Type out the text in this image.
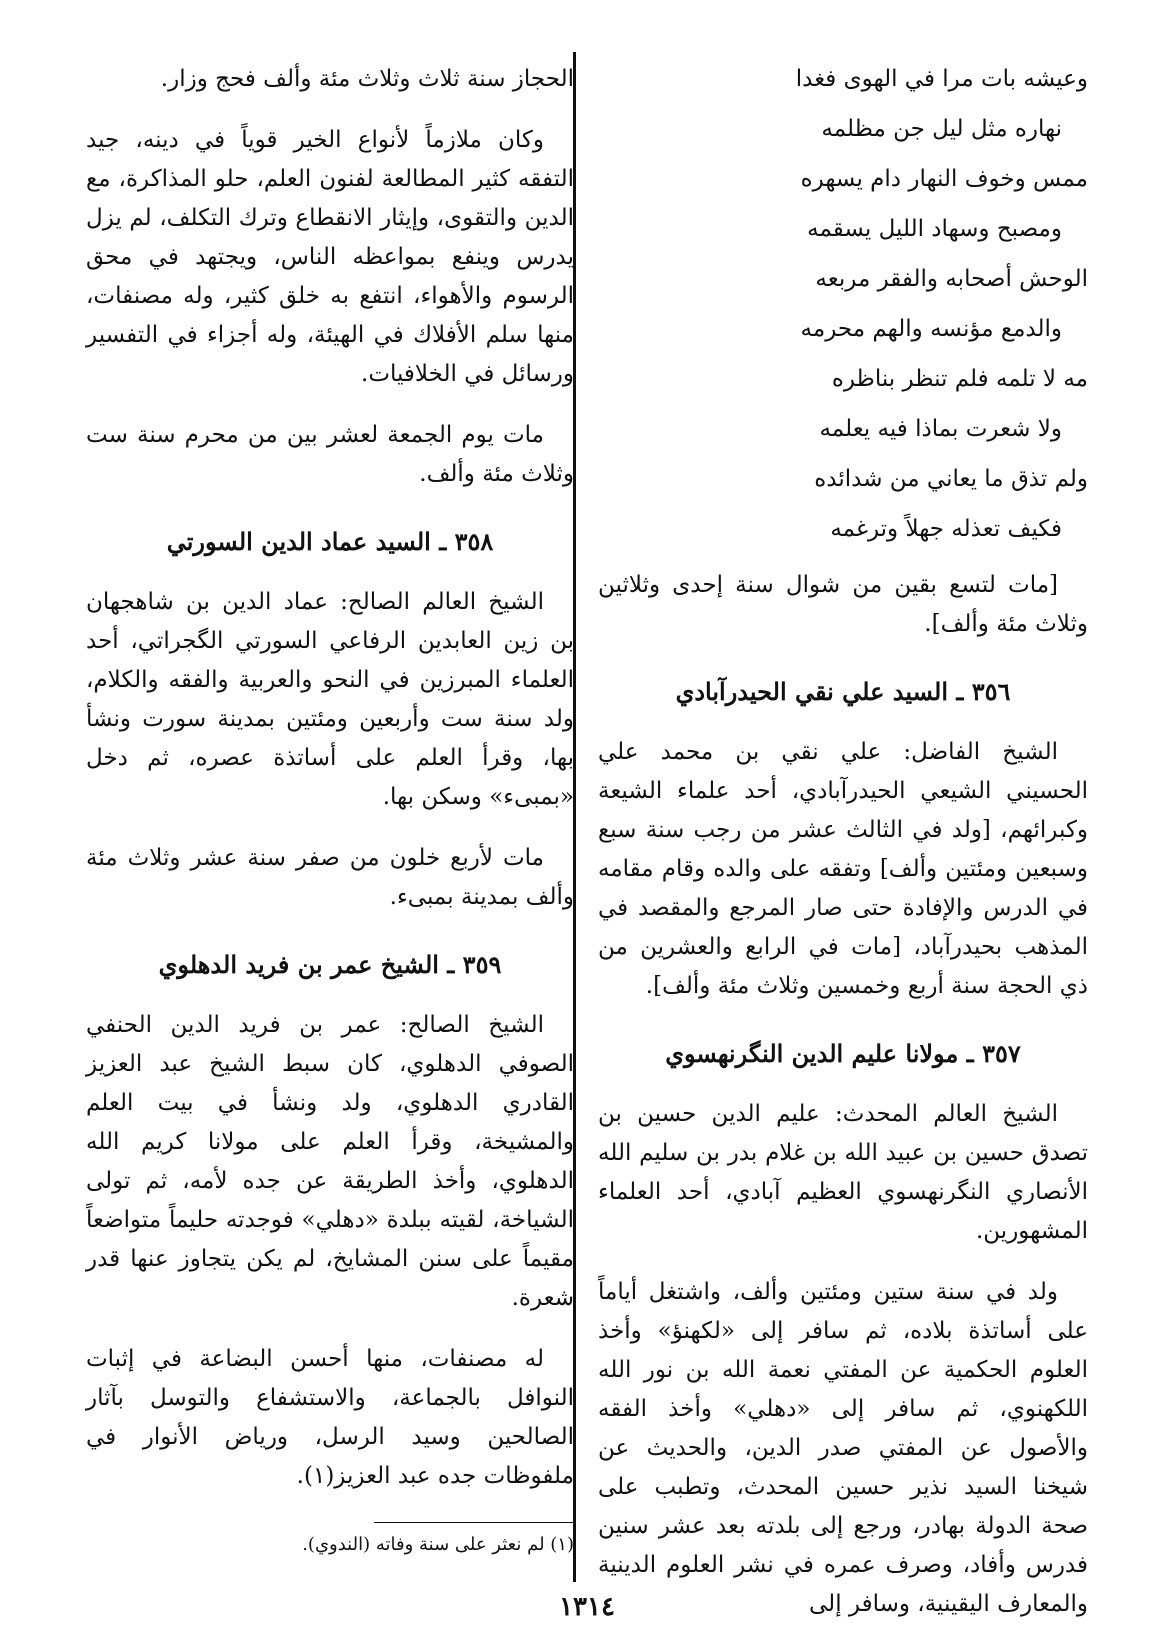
وعيشه بات مرا في الهوى فغدا
نهاره مثل ليل جن مظلمه
ممس وخوف النهار دام يسهره
ومصبح وسهاد الليل يسقمه
الوحش أصحابه والفقر مربعه
والدمع مؤنسه والهم محرمه
مه لا تلمه فلم تنظر بناظره
ولا شعرت بماذا فيه يعلمه
ولم تذق ما يعاني من شدائده
فكيف تعذله جهلاً وترغمه

[مات لتسع بقين من شوال سنة إحدى وثلاثين وثلاث مئة وألف].

٣٥٦ ـ السيد علي نقي الحيدرآبادي

الشيخ الفاضل: علي نقي بن محمد علي الحسيني الشيعي الحيدرآبادي، أحد علماء الشيعة وكبرائهم، [ولد في الثالث عشر من رجب سنة سبع وسبعين ومئتين وألف] وتفقه على والده وقام مقامه في الدرس والإفادة حتى صار المرجع والمقصد في المذهب بحيدرآباد، [مات في الرابع والعشرين من ذي الحجة سنة أربع وخمسين وثلاث مئة وألف].

٣٥٧ ـ مولانا عليم الدين النگرنهسوي

الشيخ العالم المحدث: عليم الدين حسين بن تصدق حسين بن عبيد الله بن غلام بدر بن سليم الله الأنصاري النگرنهسوي العظيم آبادي، أحد العلماء المشهورين.

ولد في سنة ستين ومئتين وألف، واشتغل أياماً على أساتذة بلاده، ثم سافر إلى «لكهنؤ» وأخذ العلوم الحكمية عن المفتي نعمة الله بن نور الله اللكهنوي، ثم سافر إلى «دهلي» وأخذ الفقه والأصول عن المفتي صدر الدين، والحديث عن شيخنا السيد نذير حسين المحدث، وتطبب على صحة الدولة بهادر، ورجع إلى بلدته بعد عشر سنين فدرس وأفاد، وصرف عمره في نشر العلوم الدينية والمعارف اليقينية، وسافر إلى

الحجاز سنة ثلاث وثلاث مئة وألف فحج وزار.

وكان ملازماً لأنواع الخير قوياً في دينه، جيد التفقه كثير المطالعة لفنون العلم، حلو المذاكرة، مع الدين والتقوى، وإيثار الانقطاع وترك التكلف، لم يزل يدرس وينفع بمواعظه الناس، ويجتهد في محق الرسوم والأهواء، انتفع به خلق كثير، وله مصنفات، منها سلم الأفلاك في الهيئة، وله أجزاء في التفسير ورسائل في الخلافيات.

مات يوم الجمعة لعشر بين من محرم سنة ست وثلاث مئة وألف.

٣٥٨ ـ السيد عماد الدين السورتي

الشيخ العالم الصالح: عماد الدين بن شاهجهان بن زين العابدين الرفاعي السورتي الگجراتي، أحد العلماء المبرزين في النحو والعربية والفقه والكلام، ولد سنة ست وأربعين ومئتين بمدينة سورت ونشأ بها، وقرأ العلم على أساتذة عصره، ثم دخل «بمبىء» وسكن بها.

مات لأربع خلون من صفر سنة عشر وثلاث مئة وألف بمدينة بمبىء.

٣٥٩ ـ الشيخ عمر بن فريد الدهلوي

الشيخ الصالح: عمر بن فريد الدين الحنفي الصوفي الدهلوي، كان سبط الشيخ عبد العزيز القادري الدهلوي، ولد ونشأ في بيت العلم والمشيخة، وقرأ العلم على مولانا كريم الله الدهلوي، وأخذ الطريقة عن جده لأمه، ثم تولى الشياخة، لقيته ببلدة «دهلي» فوجدته حليماً متواضعاً مقيماً على سنن المشايخ، لم يكن يتجاوز عنها قدر شعرة.

له مصنفات، منها أحسن البضاعة في إثبات النوافل بالجماعة، والاستشفاع والتوسل بآثار الصالحين وسيد الرسل، ورياض الأنوار في ملفوظات جده عبد العزيز(١).

(١) لم نعثر على سنة وفاته (الندوي).
١٣١٤
